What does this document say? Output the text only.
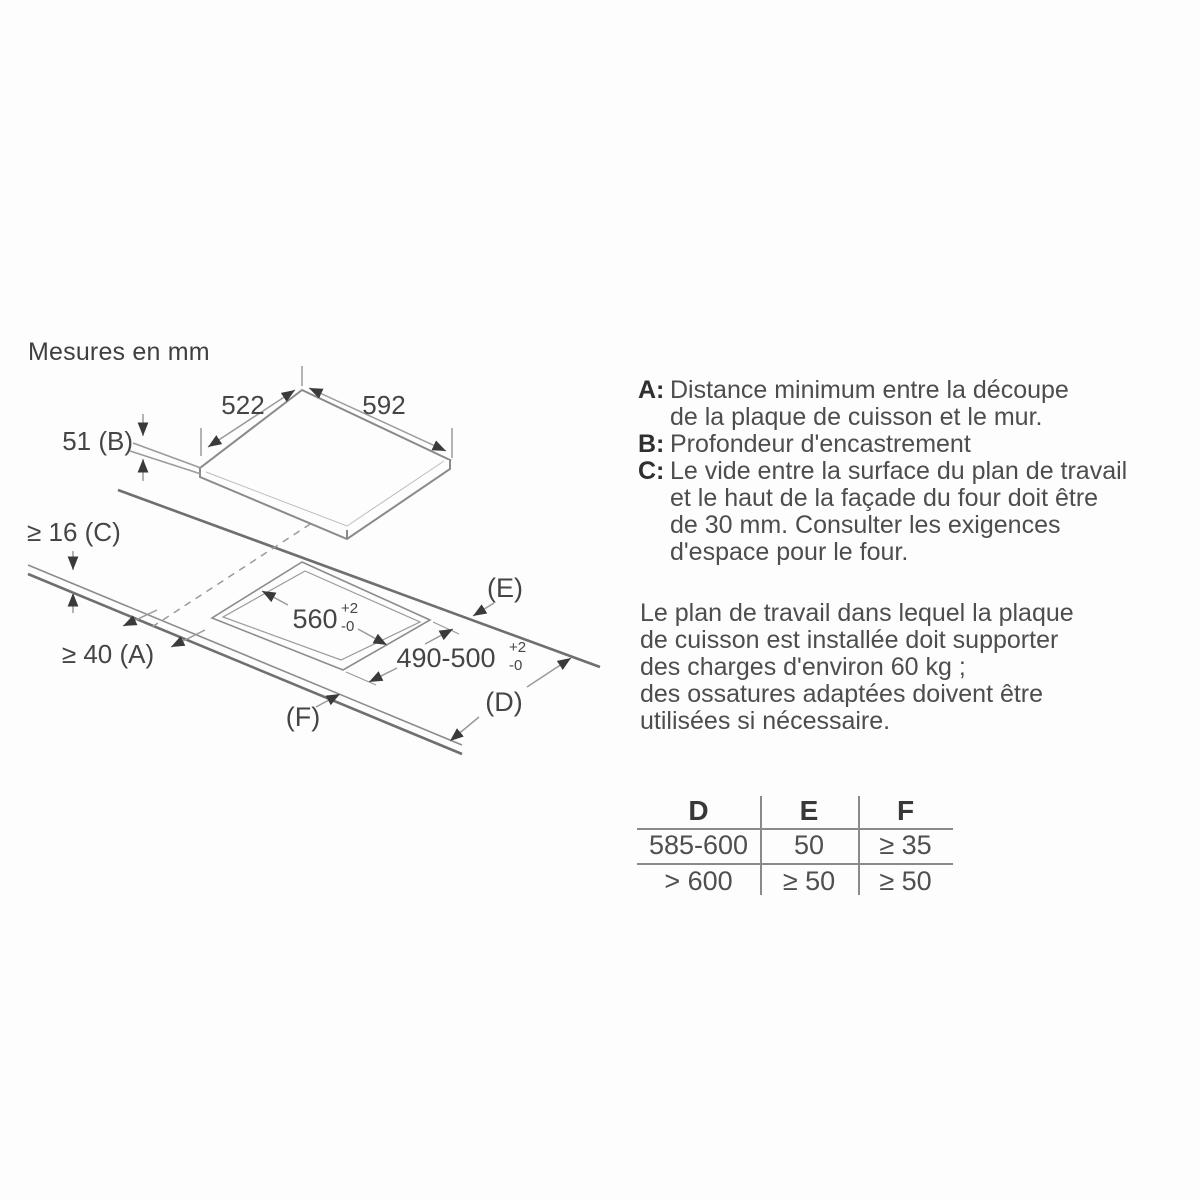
Mesures en mm
522	592
51 (B)
≥ 16 (C)
≥ 40 (A)
560 +2
-0
490-500 +2
-0
(E)
(D)
(F)
A: Distance minimum entre la découpe
de la plaque de cuisson et le mur.
B: Profondeur d'encastrement
C: Le vide entre la surface du plan de travail
et le haut de la façade du four doit être
de 30 mm. Consulter les exigences
d'espace pour le four.
Le plan de travail dans lequel la plaque
de cuisson est installée doit supporter
des charges d'environ 60 kg ;
des ossatures adaptées doivent être
utilisées si nécessaire.
D	E	F
585-600	50	≥ 35
> 600	≥ 50	≥ 50
